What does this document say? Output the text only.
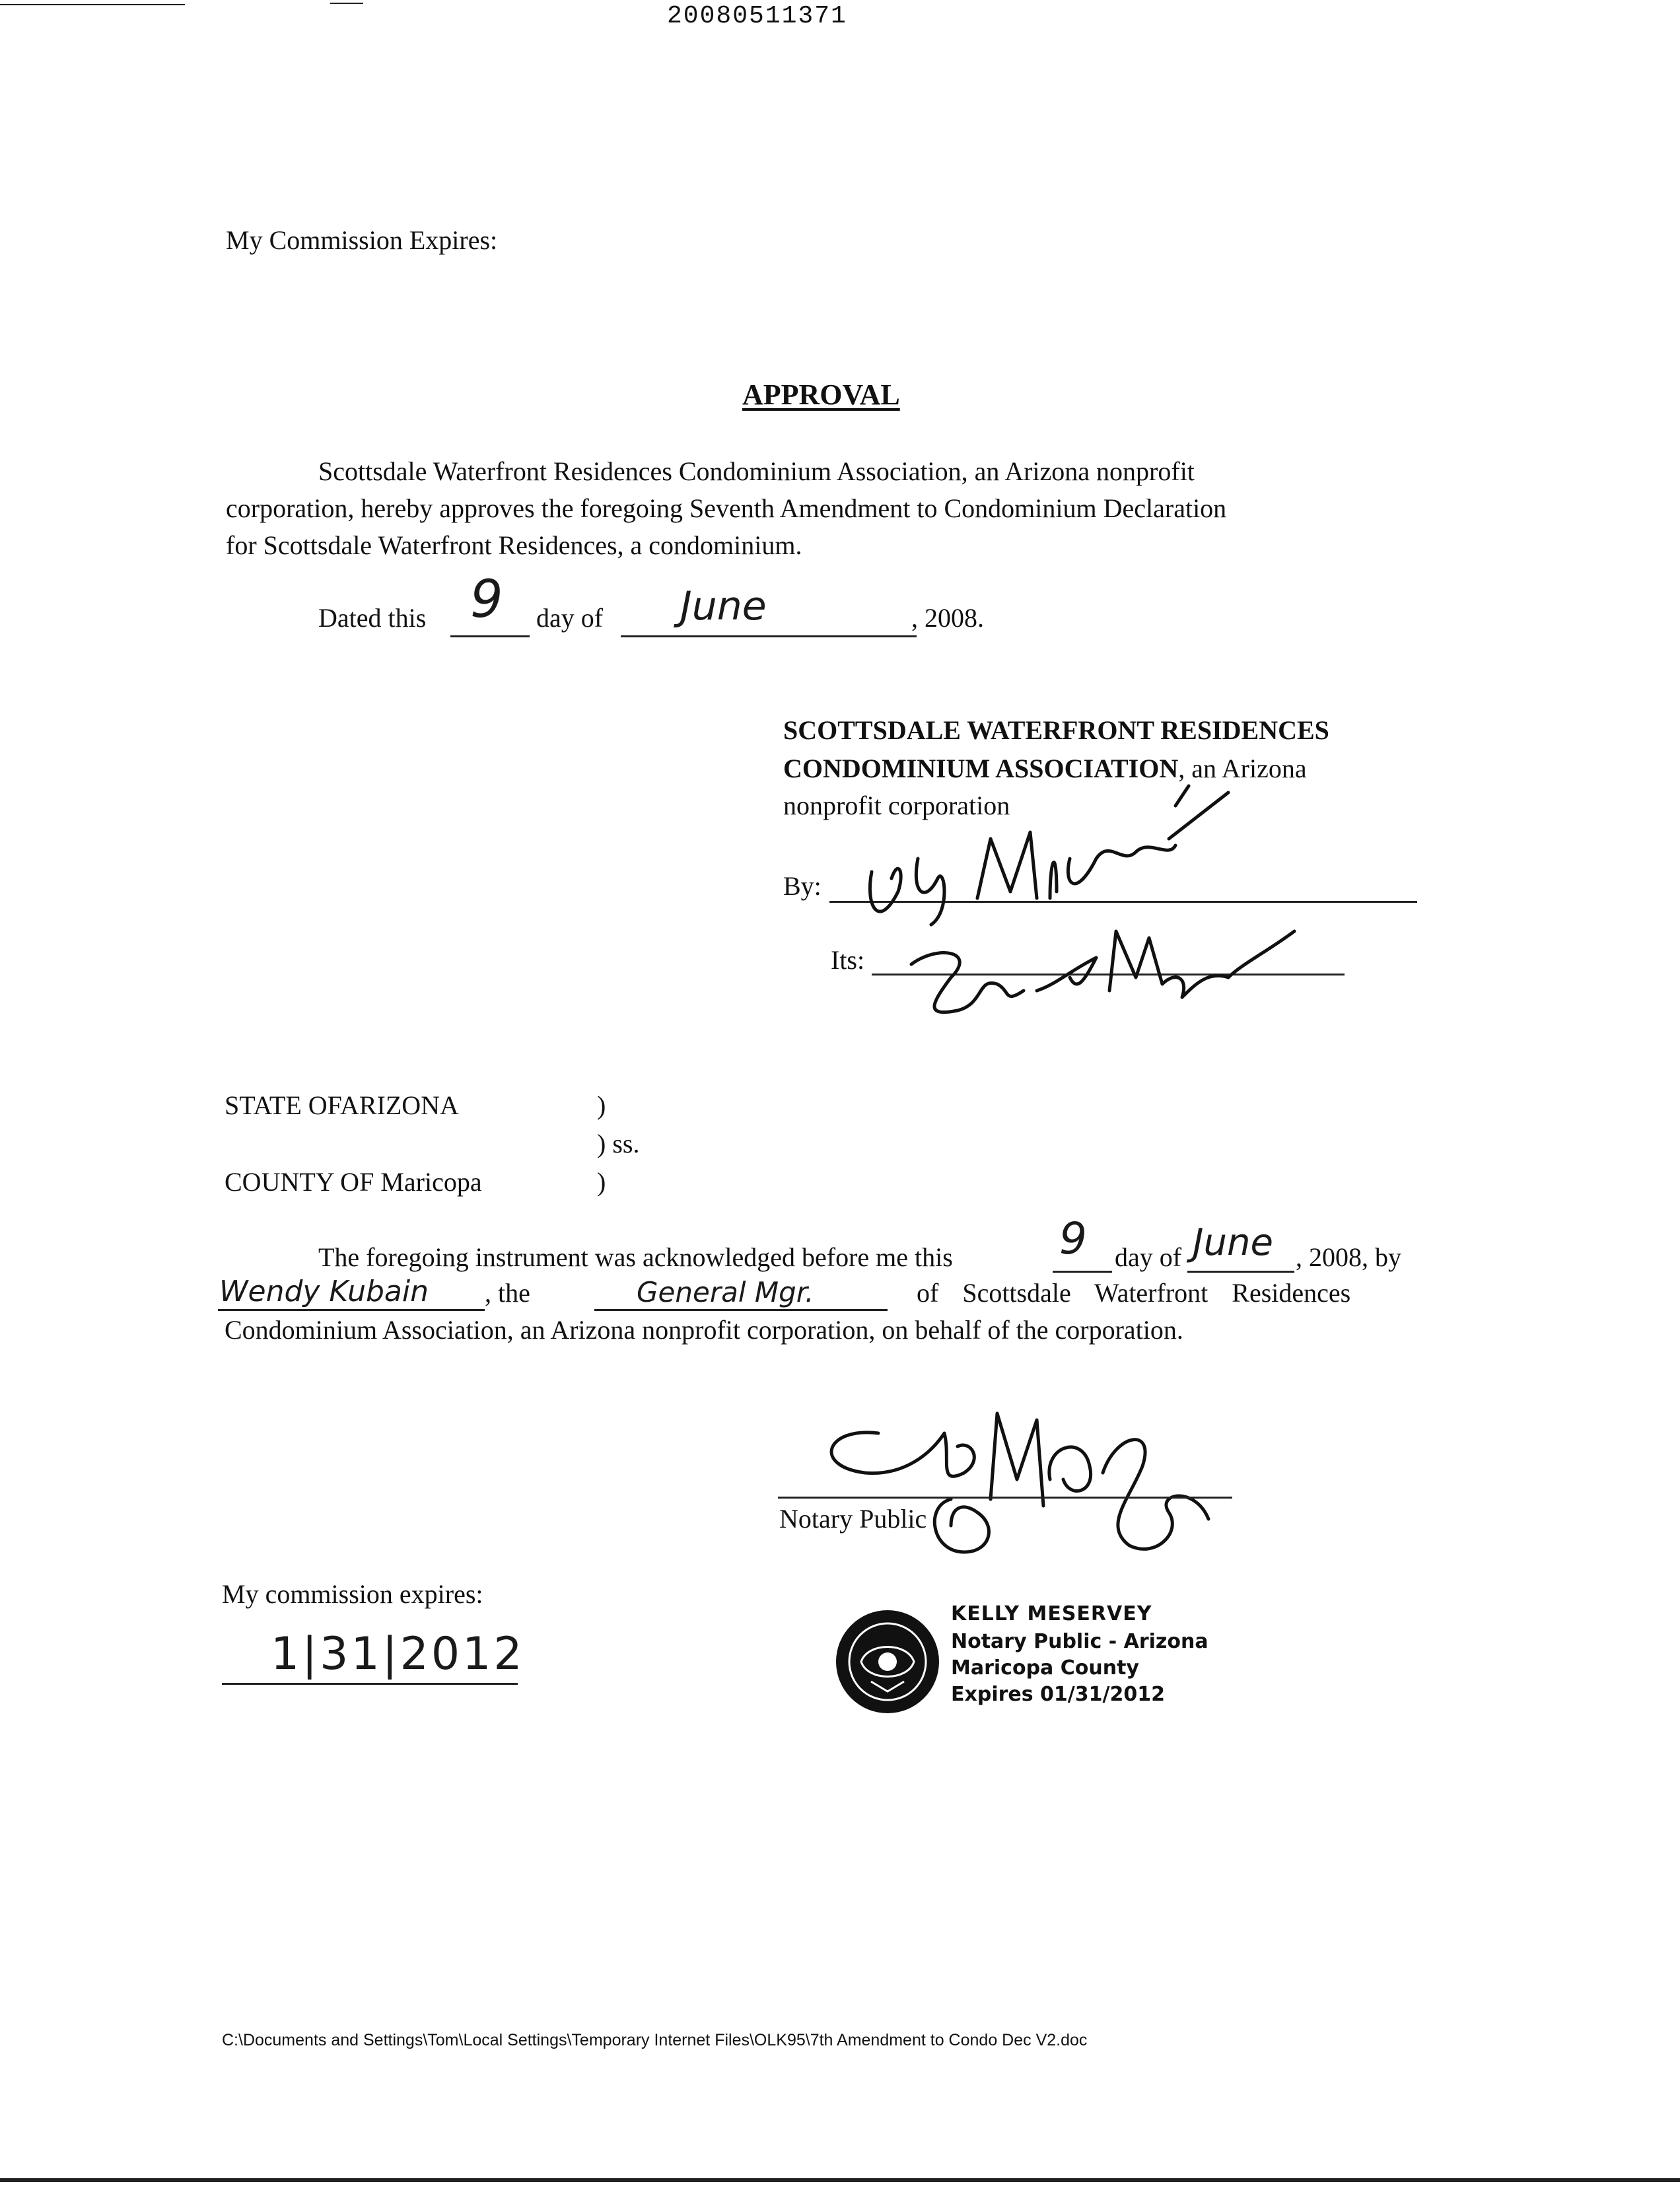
20080511371
My Commission Expires:
APPROVAL
Scottsdale Waterfront Residences Condominium Association, an Arizona nonprofit
corporation, hereby approves the foregoing Seventh Amendment to Condominium Declaration
for Scottsdale Waterfront Residences, a condominium.
Dated this 9 day of June	, 2008.
SCOTTSDALE WATERFRONT RESIDENCES
CONDOMINIUM ASSOCIATION, an Arizona
nonprofit corporation
By:
Its:
STATE OFARIZONA	)
) ss.
COUNTY OF Maricopa	)
The foregoing instrument was acknowledged before me this 9 day of June , 2008, by
Wendy Kubain , the	General Mgr.	of Scottsdale Waterfront Residences
Condominium Association, an Arizona nonprofit corporation, on behalf of the corporation.
Notary Public
My commission expires:
1|31|2012
KELLY MESERVEY
Notary Public - Arizona
Maricopa County
Expires 01/31/2012
C:\Documents and Settings\Tom\Local Settings\Temporary Internet Files\OLK95\7th Amendment to Condo Dec V2.doc
